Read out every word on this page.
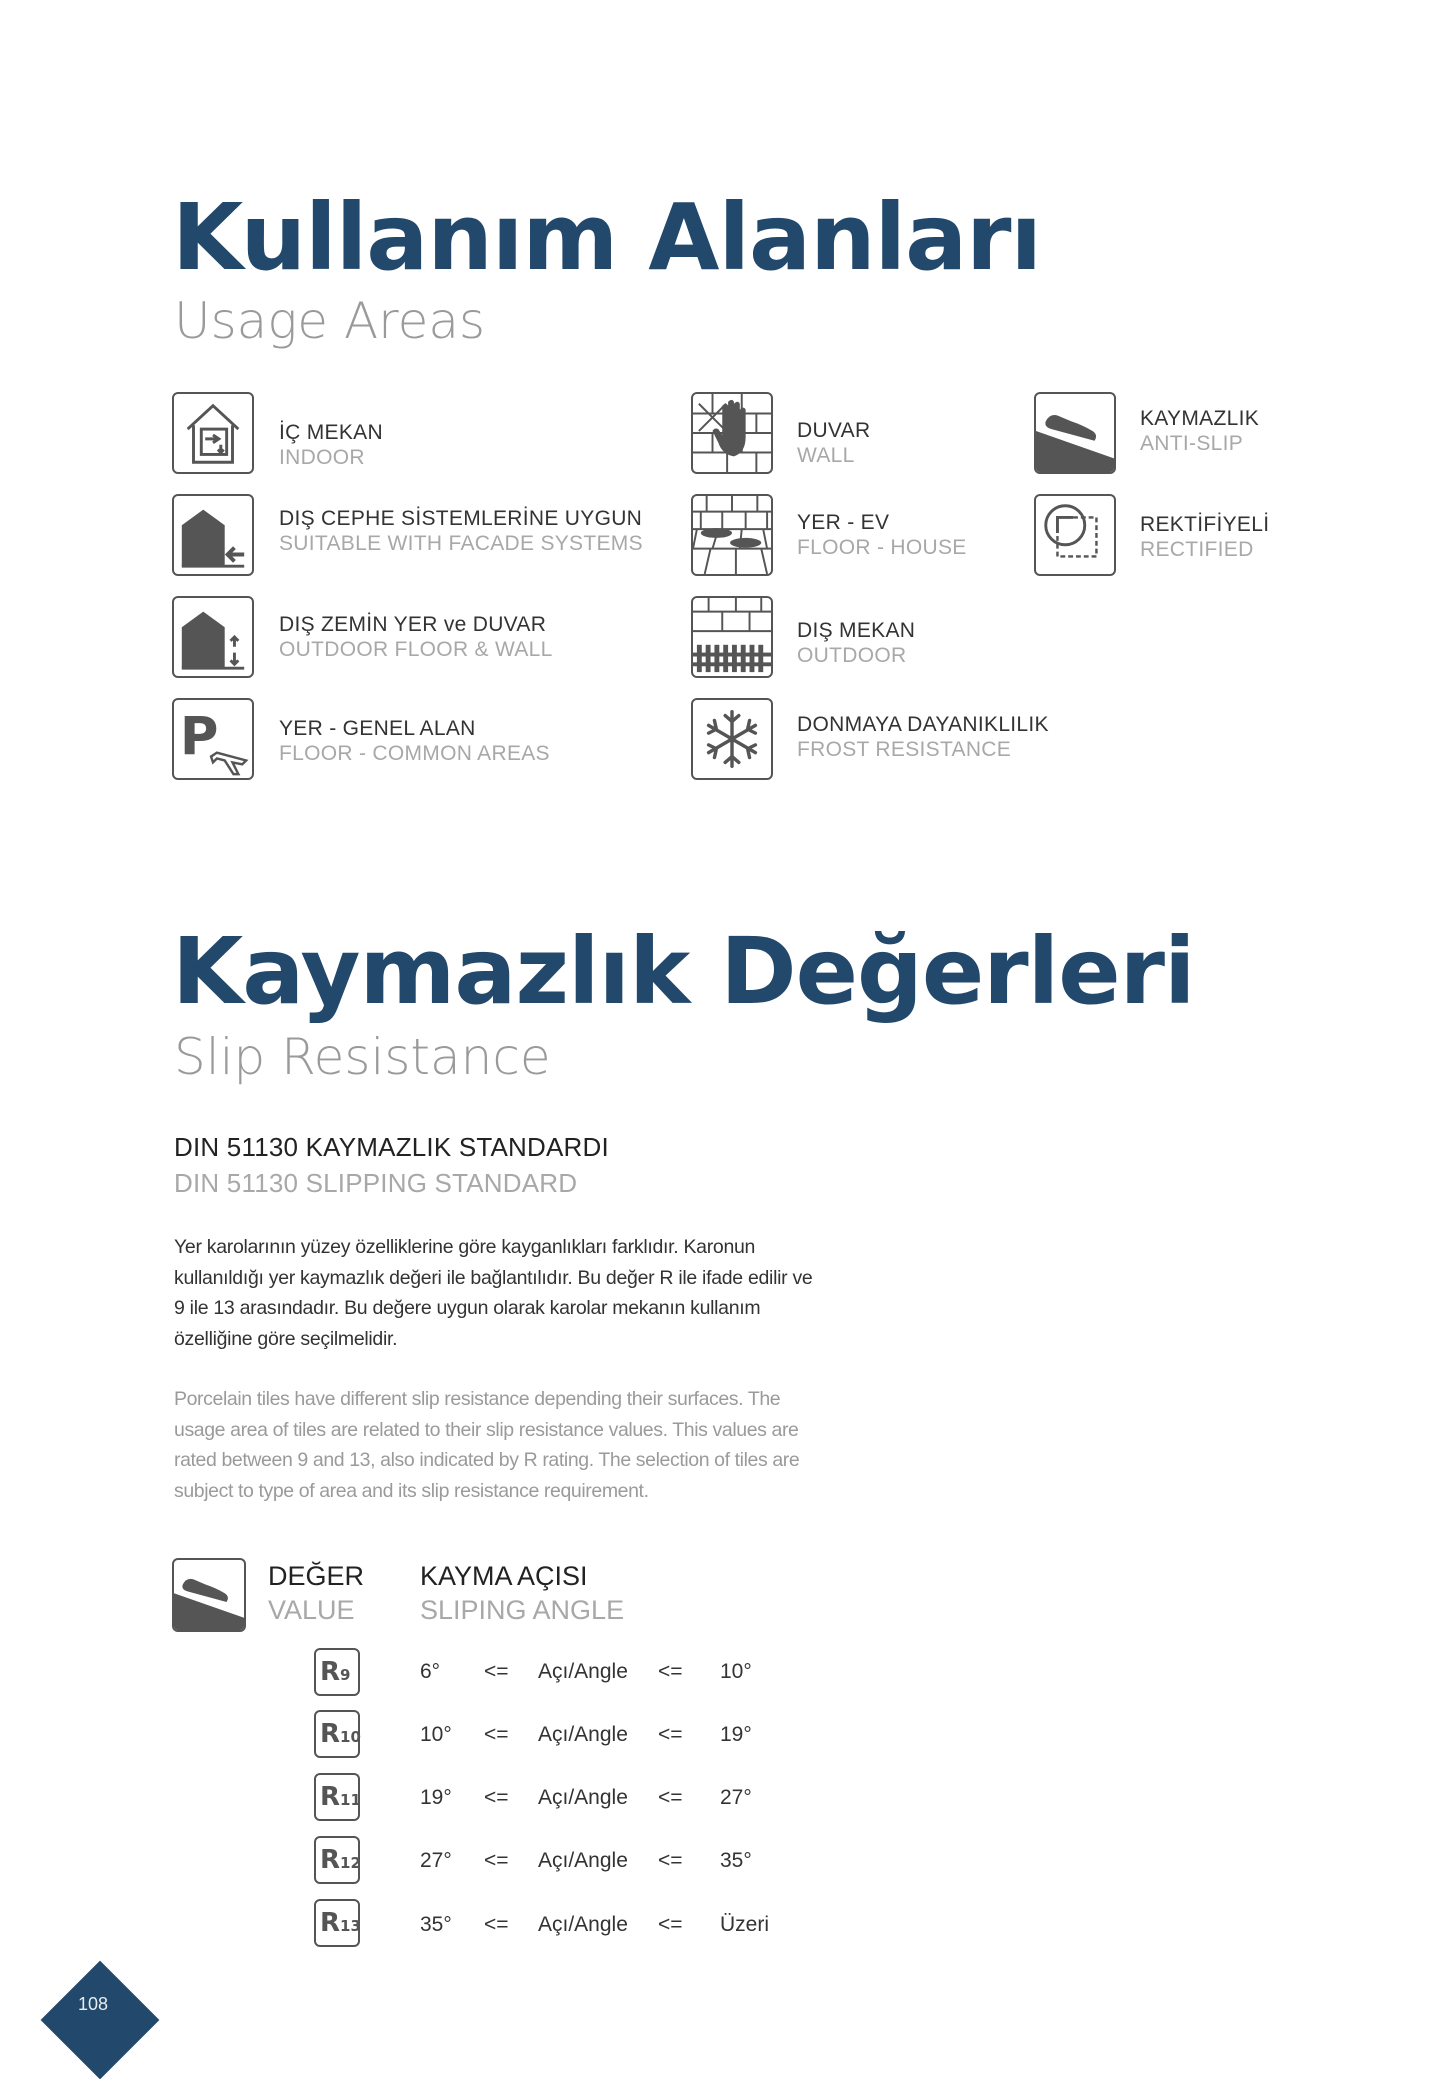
Kullanım Alanları
Usage Areas
İÇ MEKAN
INDOOR
DIŞ CEPHE SİSTEMLERİNE UYGUN
SUITABLE WITH FACADE SYSTEMS
DIŞ ZEMİN YER ve DUVAR
OUTDOOR FLOOR & WALL
P	YER - GENEL ALAN
FLOOR - COMMON AREAS
DUVAR
WALL
YER - EV
FLOOR - HOUSE
DIŞ MEKAN
OUTDOOR
DONMAYA DAYANIKLILIK
FROST RESISTANCE
KAYMAZLIK
ANTI-SLIP
REKTİFİYELİ
RECTIFIED
Kaymazlık Değerleri
Slip Resistance
DIN 51130 KAYMAZLIK STANDARDI
DIN 51130 SLIPPING STANDARD
Yer karolarının yüzey özelliklerine göre kayganlıkları farklıdır. Karonun kullanıldığı yer kaymazlık değeri ile bağlantılıdır. Bu değer R ile ifade edilir ve 9 ile 13 arasındadır. Bu değere uygun olarak karolar mekanın kullanım özelliğine göre seçilmelidir.
Porcelain tiles have different slip resistance depending their surfaces. The usage area of tiles are related to their slip resistance values. This values are rated between 9 and 13, also indicated by R rating. The selection of tiles are subject to type of area and its slip resistance requirement.
DEĞER
VALUE
KAYMA AÇISI
SLIPING ANGLE
R9	6° <= Açı/Angle <= 10°
R10	10° <= Açı/Angle <= 19°
R11	19° <= Açı/Angle <= 27°
R12	27° <= Açı/Angle <= 35°
R13	35° <= Açı/Angle <= Üzeri
108
